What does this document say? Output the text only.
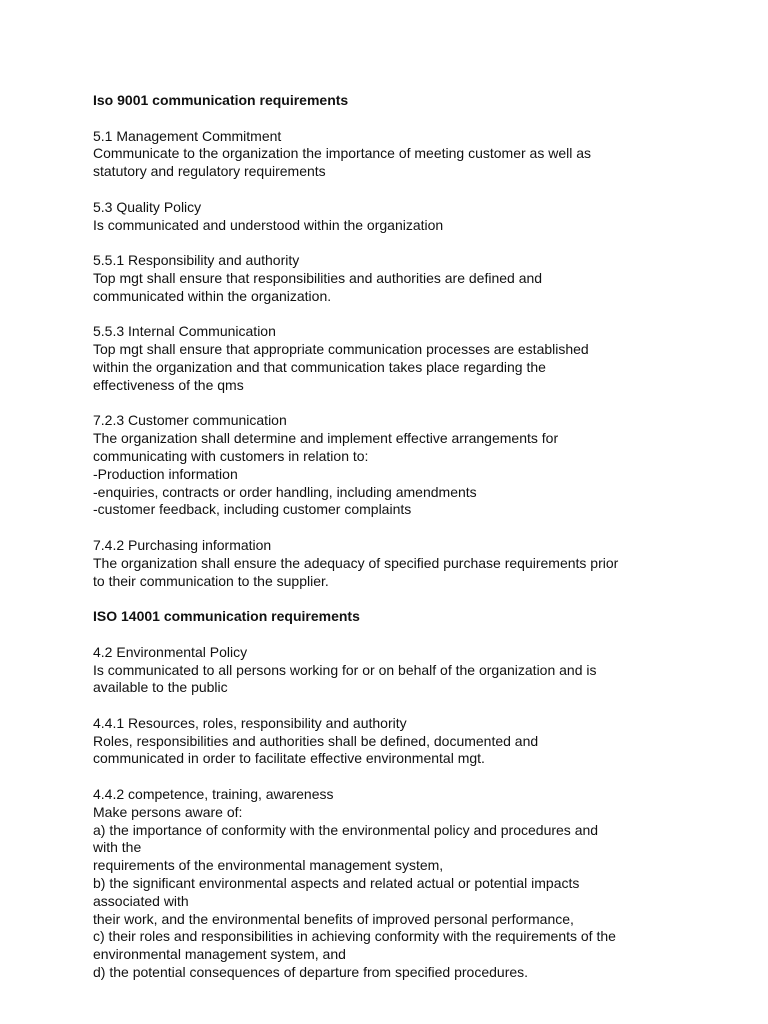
Iso 9001 communication requirements

5.1 Management Commitment
Communicate to the organization the importance of meeting customer as well as
statutory and regulatory requirements
5.3 Quality Policy
Is communicated and understood within the organization
5.5.1 Responsibility and authority
Top mgt shall ensure that responsibilities and authorities are defined and
communicated within the organization.
5.5.3 Internal Communication
Top mgt shall ensure that appropriate communication processes are established
within the organization and that communication takes place regarding the
effectiveness of the qms
7.2.3 Customer communication
The organization shall determine and implement effective arrangements for
communicating with customers in relation to:
-Production information
-enquiries, contracts or order handling, including amendments
-customer feedback, including customer complaints
7.4.2 Purchasing information
The organization shall ensure the adequacy of specified purchase requirements prior
to their communication to the supplier.

ISO 14001 communication requirements

4.2 Environmental Policy
Is communicated to all persons working for or on behalf of the organization and is
available to the public
4.4.1 Resources, roles, responsibility and authority
Roles, responsibilities and authorities shall be defined, documented and
communicated in order to facilitate effective environmental mgt.
4.4.2 competence, training, awareness
Make persons aware of:
a) the importance of conformity with the environmental policy and procedures and
with the
requirements of the environmental management system,
b) the significant environmental aspects and related actual or potential impacts
associated with
their work, and the environmental benefits of improved personal performance,
c) their roles and responsibilities in achieving conformity with the requirements of the
environmental management system, and
d) the potential consequences of departure from specified procedures.
